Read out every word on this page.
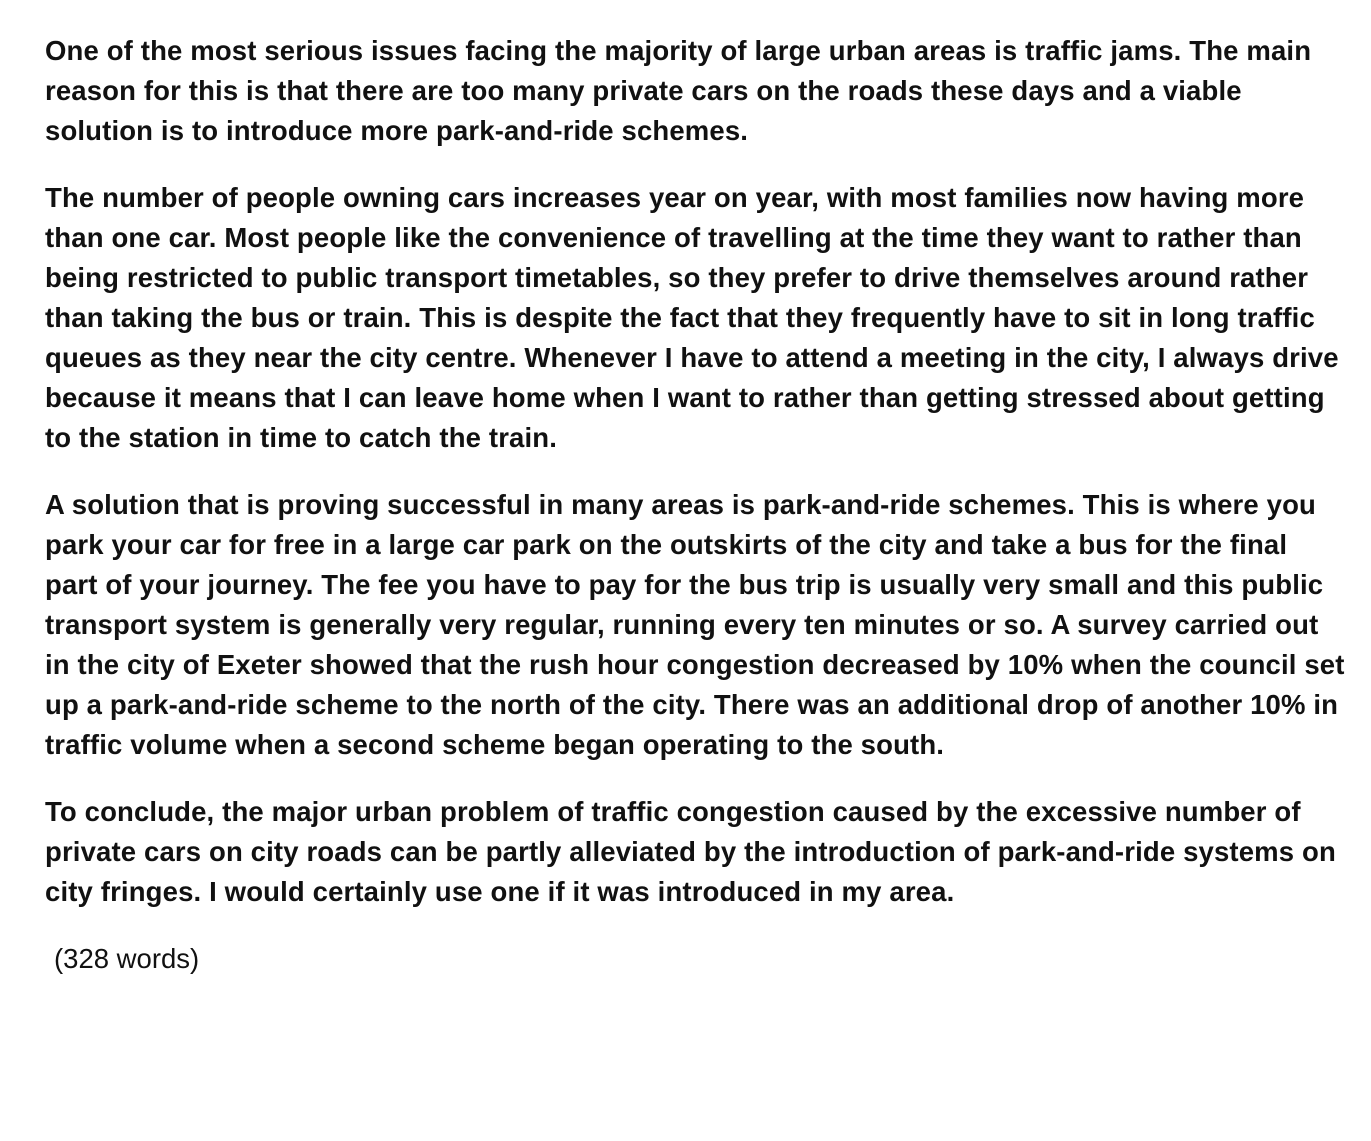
One of the most serious issues facing the majority of large urban areas is traffic jams. The main reason for this is that there are too many private cars on the roads these days and a viable solution is to introduce more park-and-ride schemes.

The number of people owning cars increases year on year, with most families now having more than one car. Most people like the convenience of travelling at the time they want to rather than being restricted to public transport timetables, so they prefer to drive themselves around rather than taking the bus or train. This is despite the fact that they frequently have to sit in long traffic queues as they near the city centre. Whenever I have to attend a meeting in the city, I always drive because it means that I can leave home when I want to rather than getting stressed about getting to the station in time to catch the train.

A solution that is proving successful in many areas is park-and-ride schemes. This is where you park your car for free in a large car park on the outskirts of the city and take a bus for the final part of your journey. The fee you have to pay for the bus trip is usually very small and this public transport system is generally very regular, running every ten minutes or so. A survey carried out in the city of Exeter showed that the rush hour congestion decreased by 10% when the council set up a park-and-ride scheme to the north of the city. There was an additional drop of another 10% in traffic volume when a second scheme began operating to the south.

To conclude, the major urban problem of traffic congestion caused by the excessive number of private cars on city roads can be partly alleviated by the introduction of park-and-ride systems on city fringes. I would certainly use one if it was introduced in my area.

(328 words)
